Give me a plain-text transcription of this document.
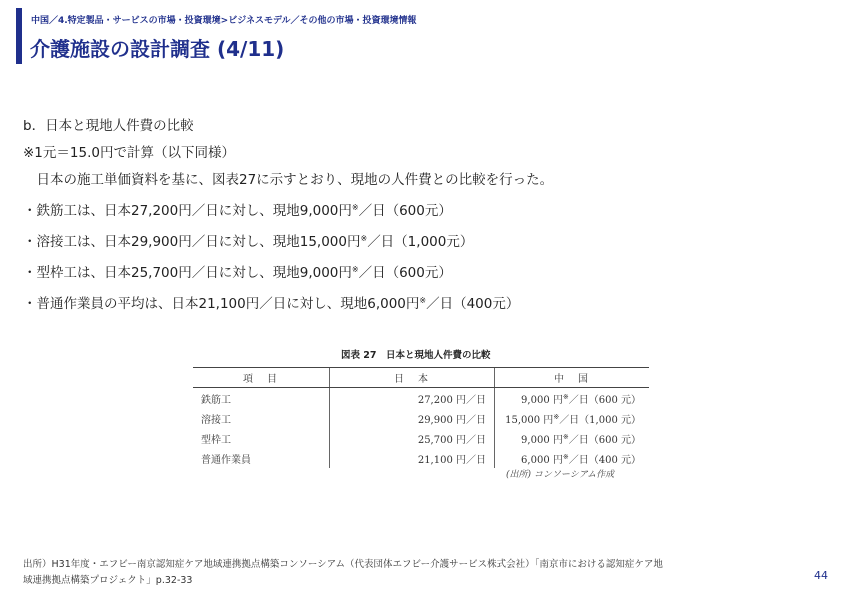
中国／4.特定製品・サービスの市場・投資環境>ビジネスモデル／その他の市場・投資環境情報
介護施設の設計調査 (4/11)
b．日本と現地人件費の比較
※1元＝15.0円で計算（以下同様）
　日本の施工単価資料を基に、図表27に示すとおり、現地の人件費との比較を行った。
・鉄筋工は、日本27,200円／日に対し、現地9,000円※／日（600元）
・溶接工は、日本29,900円／日に対し、現地15,000円※／日（1,000元）
・型枠工は、日本25,700円／日に対し、現地9,000円※／日（600元）
・普通作業員の平均は、日本21,100円／日に対し、現地6,000円※／日（400元）
図表 27　日本と現地人件費の比較
項　目	日　本	中　国
鉄筋工	27,200 円／日	9,000 円※／日（600 元）
溶接工	29,900 円／日	15,000 円※／日（1,000 元）
型枠工	25,700 円／日	9,000 円※／日（600 元）
普通作業員	21,100 円／日	6,000 円※／日（400 元）
(出所) コンソーシアム作成
出所）H31年度・エフビー南京認知症ケア地域連携拠点構築コンソーシアム（代表団体エフビー介護サービス株式会社）「南京市における認知症ケア地
域連携拠点構築プロジェクト」p.32-33	44
